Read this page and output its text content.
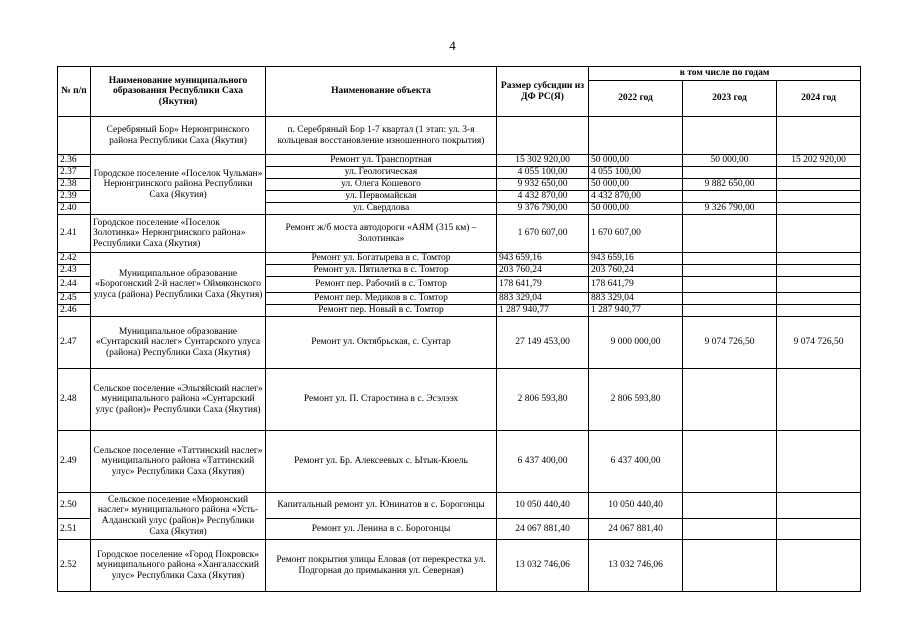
4
№ п/п	Наименование муниципального образования Республики Саха (Якутия)	Наименование объекта	Размер субсидии из ДФ РС(Я)	в том числе по годам		
				2022 год	2023 год	2024 год
	Серебряный Бор» Нерюнгринского района Республики Саха (Якутия)	п. Серебряный Бор 1-7 квартал (1 этап: ул. 3-я кольцевая восстановление изношенного покрытия)				
2.36	Городское поселение «Поселок Чульман» Нерюнгринского района Республики Саха (Якутия)	Ремонт ул. Транспортная	15 302 920,00	50 000,00	50 000,00	15 202 920,00
2.37		ул. Геологическая	4 055 100,00	4 055 100,00		
2.38		ул. Олега Кошевого	9 932 650,00	50 000,00	9 882 650,00	
2.39		ул. Первомайская	4 432 870,00	4 432 870,00		
2.40		ул. Свердлова	9 376 790,00	50 000,00	9 326 790,00	
2.41	Городское поселение «Поселок Золотинка» Нерюнгринского района» Республики Саха (Якутия)	Ремонт ж/б моста автодороги «АЯМ (315 км) – Золотинка»	1 670 607,00	1 670 607,00		
2.42	Муниципальное образование «Борогонский 2-й наслег» Оймяконского улуса (района) Республики Саха (Якутия)	Ремонт ул. Богатырева в с. Томтор	943 659,16	943 659,16		
2.43		Ремонт ул. Пятилетка в с. Томтор	203 760,24	203 760,24		
2.44		Ремонт пер. Рабочий в с. Томтор	178 641,79	178 641,79		
2.45		Ремонт пер. Медиков в с. Томтор	883 329,04	883 329,04		
2.46		Ремонт пер. Новый в с. Томтор	1 287 940,77	1 287 940,77		
2.47	Муниципальное образование «Сунтарский наслег» Сунтарского улуса (района) Республики Саха (Якутия)	Ремонт ул. Октябрьская, с. Сунтар	27 149 453,00	9 000 000,00	9 074 726,50	9 074 726,50
2.48	Сельское поселение «Эльгяйский наслег» муниципального района «Сунтарский улус (район)» Республики Саха (Якутия)	Ремонт ул. П. Старостина в с. Эсэлээх	2 806 593,80	2 806 593,80		
2.49	Сельское поселение «Таттинский наслег» муниципального района «Таттинский улус» Республики Саха (Якутия)	Ремонт ул. Бр. Алексеевых с. Ытык-Кюель	6 437 400,00	6 437 400,00		
2.50	Сельское поселение «Мюрюнский наслег» муниципального района «Усть-Алданский улус (район)» Республики Саха (Якутия)	Капитальный ремонт ул. Юнинатов в с. Борогонцы	10 050 440,40	10 050 440,40		
2.51		Ремонт ул. Ленина в с. Борогонцы	24 067 881,40	24 067 881,40		
2.52	Городское поселение «Город Покровск» муниципального района «Хангаласский улус» Республики Саха (Якутия)	Ремонт покрытия улицы Еловая (от перекрестка ул. Подгорная до примыкания ул. Северная)	13 032 746,06	13 032 746,06		
